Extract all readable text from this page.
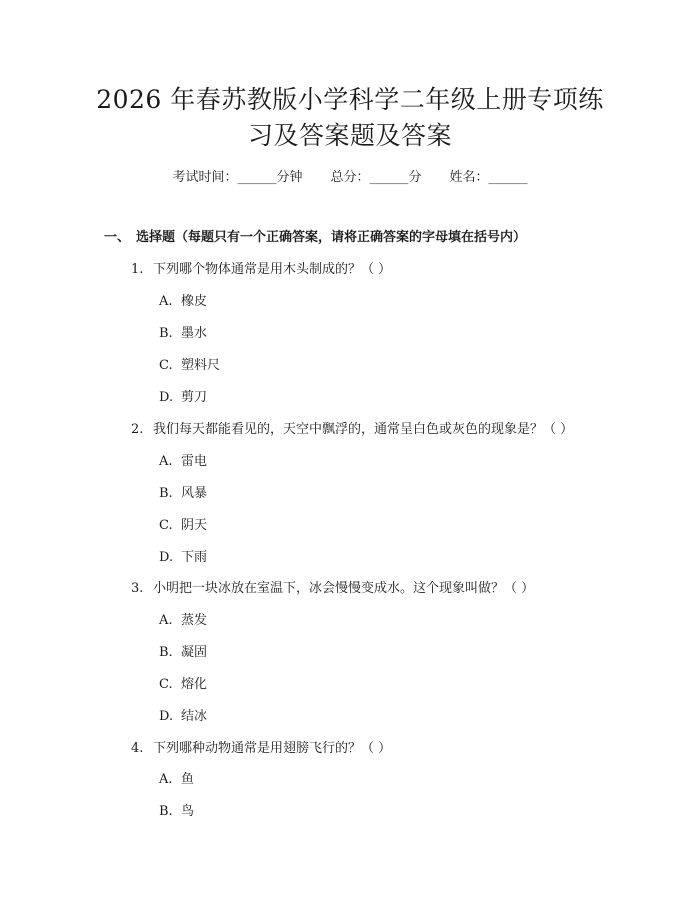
2026 年春苏教版小学科学二年级上册专项练
习及答案题及答案
考试时间：______分钟 总分：______分 姓名：______
一、 选择题（每题只有一个正确答案，请将正确答案的字母填在括号内）
1. 下列哪个物体通常是用木头制成的？（ ）
A. 橡皮
B. 墨水
C. 塑料尺
D. 剪刀
2. 我们每天都能看见的，天空中飘浮的，通常呈白色或灰色的现象是？（ ）
A. 雷电
B. 风暴
C. 阴天
D. 下雨
3. 小明把一块冰放在室温下，冰会慢慢变成水。这个现象叫做？（ ）
A. 蒸发
B. 凝固
C. 熔化
D. 结冰
4. 下列哪种动物通常是用翅膀飞行的？（ ）
A. 鱼
B. 鸟
